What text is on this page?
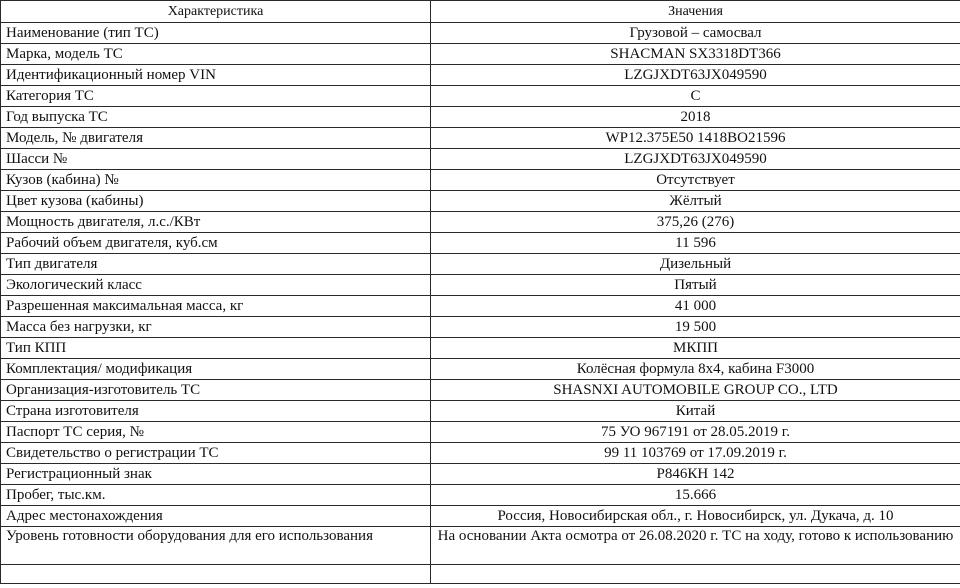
Характеристика	Значения
Наименование (тип ТС)	Грузовой – самосвал
Марка, модель ТС	SHACMAN SX3318DT366
Идентификационный номер VIN	LZGJXDT63JX049590
Категория ТС	С
Год выпуска ТС	2018
Модель, № двигателя	WP12.375E50 1418ВО21596
Шасси №	LZGJXDT63JX049590
Кузов (кабина) №	Отсутствует
Цвет кузова (кабины)	Жёлтый
Мощность двигателя, л.с./КВт	375,26 (276)
Рабочий объем двигателя, куб.см	11 596
Тип двигателя	Дизельный
Экологический класс	Пятый
Разрешенная максимальная масса, кг	41 000
Масса без нагрузки, кг	19 500
Тип КПП	МКПП
Комплектация/ модификация	Колёсная формула 8х4, кабина F3000
Организация-изготовитель ТС	SHASNXI AUTOMOBILE GROUP CO., LTD
Страна изготовителя	Китай
Паспорт ТС серия, №	75 УО 967191 от 28.05.2019 г.
Свидетельство о регистрации ТС	99 11 103769 от 17.09.2019 г.
Регистрационный знак	Р846КН 142
Пробег, тыс.км.	15.666
Адрес местонахождения	Россия, Новосибирская обл., г. Новосибирск, ул. Дукача, д. 10
Уровень готовности оборудования для его использования	На основании Акта осмотра от 26.08.2020 г. ТС на ходу, готово к использованию
